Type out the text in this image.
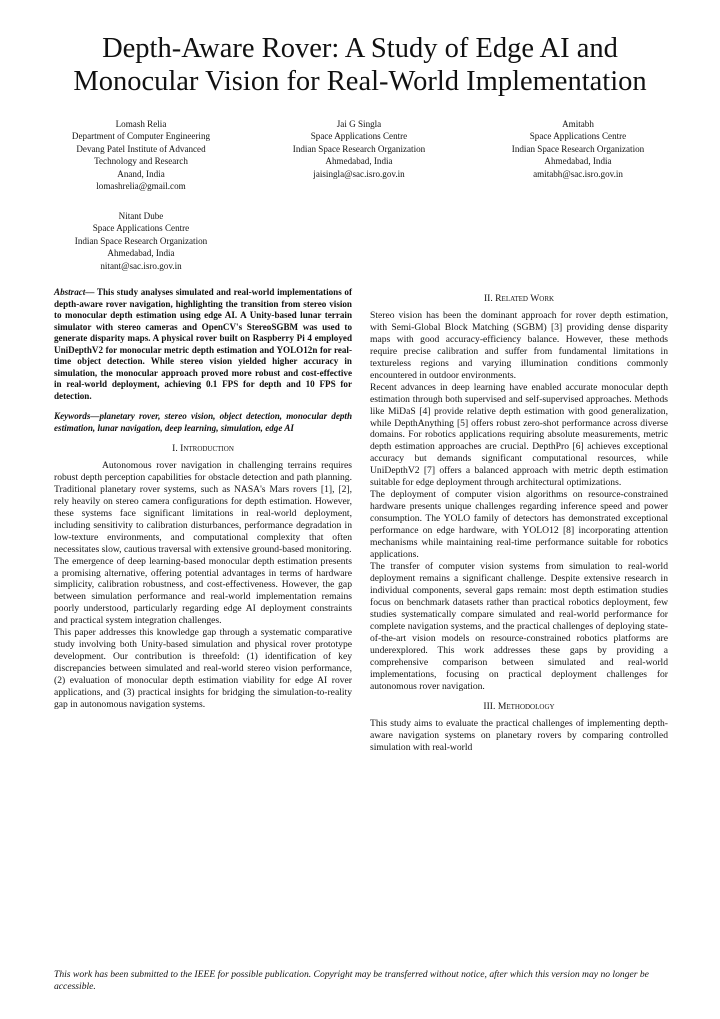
Depth-Aware Rover: A Study of Edge AI and Monocular Vision for Real-World Implementation
Lomash Relia
Department of Computer Engineering
Devang Patel Institute of Advanced
Technology and Research
Anand, India
lomashrelia@gmail.com
Jai G Singla
Space Applications Centre
Indian Space Research Organization
Ahmedabad, India
jaisingla@sac.isro.gov.in
Amitabh
Space Applications Centre
Indian Space Research Organization
Ahmedabad, India
amitabh@sac.isro.gov.in
Nitant Dube
Space Applications Centre
Indian Space Research Organization
Ahmedabad, India
nitant@sac.isro.gov.in

Abstract— This study analyses simulated and real-world implementations of depth-aware rover navigation, highlighting the transition from stereo vision to monocular depth estimation using edge AI. A Unity-based lunar terrain simulator with stereo cameras and OpenCV's StereoSGBM was used to generate disparity maps. A physical rover built on Raspberry Pi 4 employed UniDepthV2 for monocular metric depth estimation and YOLO12n for real-time object detection. While stereo vision yielded higher accuracy in simulation, the monocular approach proved more robust and cost-effective in real-world deployment, achieving 0.1 FPS for depth and 10 FPS for detection.

Keywords—planetary rover, stereo vision, object detection, monocular depth estimation, lunar navigation, deep learning, simulation, edge AI

I. Introduction

Autonomous rover navigation in challenging terrains requires robust depth perception capabilities for obstacle detection and path planning. Traditional planetary rover systems, such as NASA's Mars rovers [1], [2], rely heavily on stereo camera configurations for depth estimation. However, these systems face significant limitations in real-world deployment, including sensitivity to calibration disturbances, performance degradation in low-texture environments, and computational complexity that often necessitates slow, cautious traversal with extensive ground-based monitoring.

The emergence of deep learning-based monocular depth estimation presents a promising alternative, offering potential advantages in terms of hardware simplicity, calibration robustness, and cost-effectiveness. However, the gap between simulation performance and real-world implementation remains poorly understood, particularly regarding edge AI deployment constraints and practical system integration challenges.

This paper addresses this knowledge gap through a systematic comparative study involving both Unity-based simulation and physical rover prototype development. Our contribution is threefold: (1) identification of key discrepancies between simulated and real-world stereo vision performance, (2) evaluation of monocular depth estimation viability for edge AI rover applications, and (3) practical insights for bridging the simulation-to-reality gap in autonomous navigation systems.

II. Related Work

Stereo vision has been the dominant approach for rover depth estimation, with Semi-Global Block Matching (SGBM) [3] providing dense disparity maps with good accuracy-efficiency balance. However, these methods require precise calibration and suffer from fundamental limitations in textureless regions and varying illumination conditions commonly encountered in outdoor environments.

Recent advances in deep learning have enabled accurate monocular depth estimation through both supervised and self-supervised approaches. Methods like MiDaS [4] provide relative depth estimation with good generalization, while DepthAnything [5] offers robust zero-shot performance across diverse domains. For robotics applications requiring absolute measurements, metric depth estimation approaches are crucial. DepthPro [6] achieves exceptional accuracy but demands significant computational resources, while UniDepthV2 [7] offers a balanced approach with metric depth estimation suitable for edge deployment through architectural optimizations.

The deployment of computer vision algorithms on resource-constrained hardware presents unique challenges regarding inference speed and power consumption. The YOLO family of detectors has demonstrated exceptional performance on edge hardware, with YOLO12 [8] incorporating attention mechanisms while maintaining real-time performance suitable for robotics applications.

The transfer of computer vision systems from simulation to real-world deployment remains a significant challenge. Despite extensive research in individual components, several gaps remain: most depth estimation studies focus on benchmark datasets rather than practical robotics deployment, few studies systematically compare simulated and real-world performance for complete navigation systems, and the practical challenges of deploying state-of-the-art vision models on resource-constrained robotics platforms are underexplored. This work addresses these gaps by providing a comprehensive comparison between simulated and real-world implementations, focusing on practical deployment challenges for autonomous rover navigation.

III. Methodology

This study aims to evaluate the practical challenges of implementing depth-aware navigation systems on planetary rovers by comparing controlled simulation with real-world

This work has been submitted to the IEEE for possible publication. Copyright may be transferred without notice, after which this version may no longer be accessible.
